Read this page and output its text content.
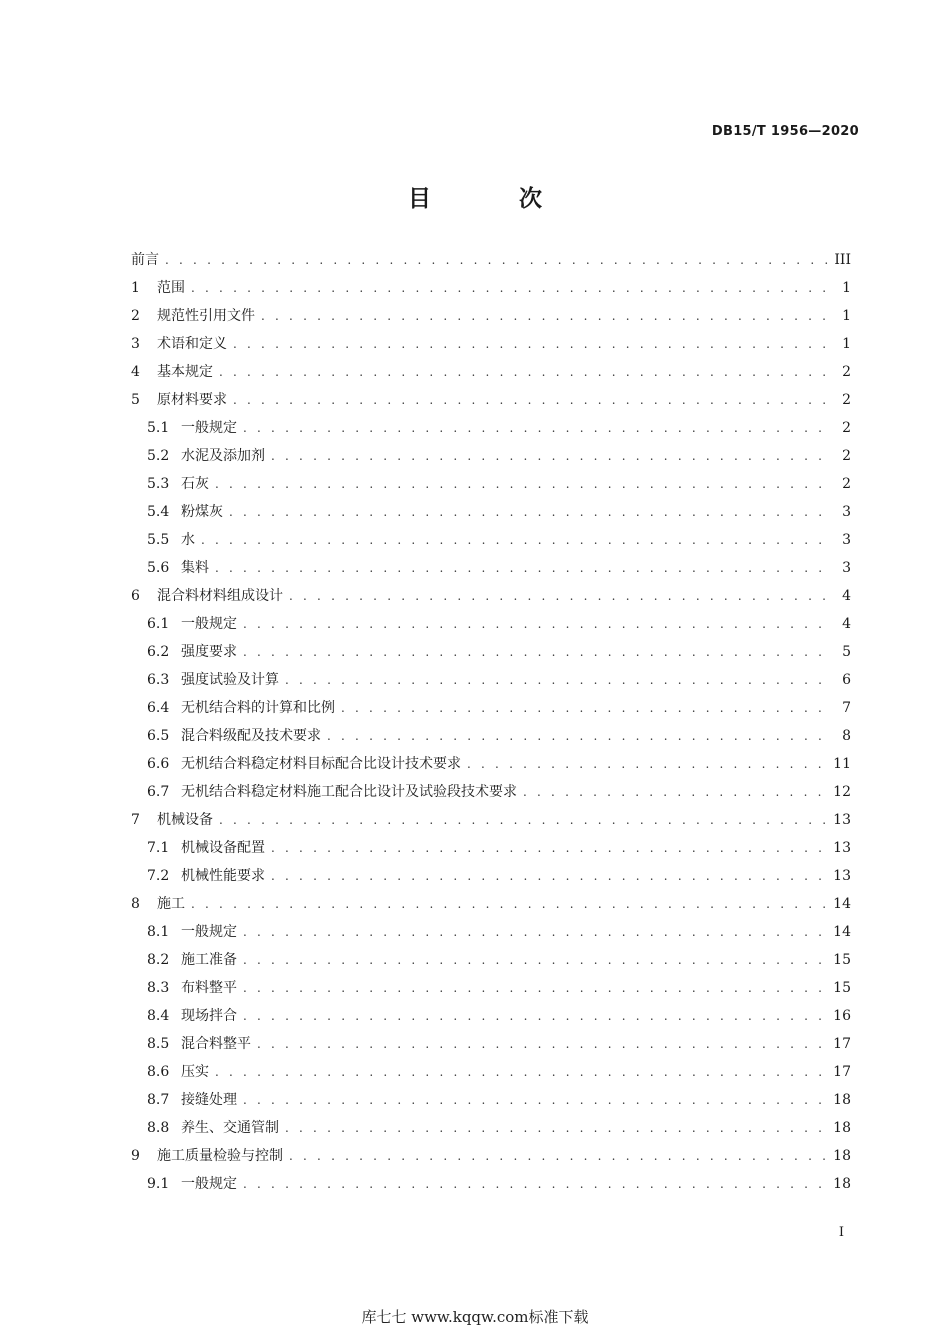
DB15/T 1956—2020
目 次
前言 . . .	III
1	范围 . . .	1
2	规范性引用文件 . . .	1
3	术语和定义 . . .	1
4	基本规定 . . .	2
5	原材料要求 . . .	2
5.1 一般规定 . . .	2
5.2 水泥及添加剂 . . .	2
5.3 石灰 . . .	2
5.4 粉煤灰 . . .	3
5.5 水 . . .	3
5.6 集料 . . .	3
6	混合料材料组成设计 . . .	4
6.1 一般规定 . . .	4
6.2 强度要求 . . .	5
6.3 强度试验及计算 . . .	6
6.4 无机结合料的计算和比例 . . .	7
6.5 混合料级配及技术要求 . . .	8
6.6 无机结合料稳定材料目标配合比设计技术要求 . . .	11
6.7 无机结合料稳定材料施工配合比设计及试验段技术要求 . . .	12
7	机械设备 . . .	13
7.1 机械设备配置 . . .	13
7.2 机械性能要求 . . .	13
8	施工 . . .	14
8.1 一般规定 . . .	14
8.2 施工准备 . . .	15
8.3 布料整平 . . .	15
8.4 现场拌合 . . .	16
8.5 混合料整平 . . .	17
8.6 压实 . . .	17
8.7 接缝处理 . . .	18
8.8 养生、交通管制 . . .	18
9	施工质量检验与控制 . . .	18
9.1 一般规定 . . .	18
I
库七七 www.kqqw.com标准下载
